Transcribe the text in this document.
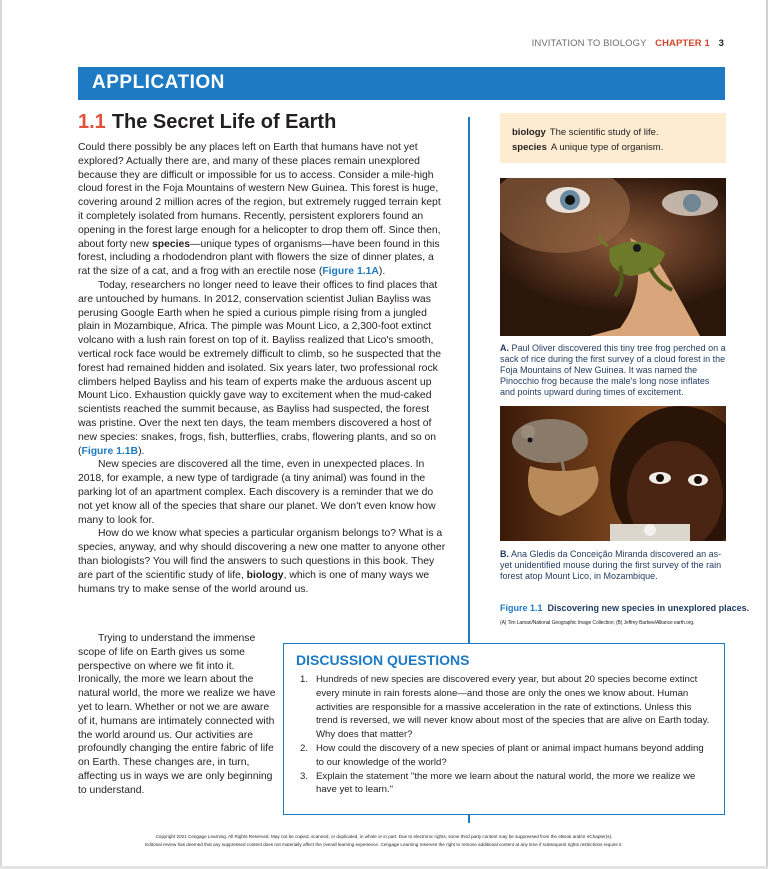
INVITATION TO BIOLOGY CHAPTER 1 3
APPLICATION
1.1 The Secret Life of Earth

Could there possibly be any places left on Earth that humans have not yet explored? Actually there are, and many of these places remain unexplored because they are difficult or impossible for us to access. Consider a mile-high cloud forest in the Foja Mountains of western New Guinea. This forest is huge, covering around 2 million acres of the region, but extremely rugged terrain kept it completely isolated from humans. Recently, persistent explorers found an opening in the forest large enough for a helicopter to drop them off. Since then, about forty new species—unique types of organisms—have been found in this forest, including a rhododendron plant with flowers the size of dinner plates, a rat the size of a cat, and a frog with an erectile nose (Figure 1.1A).

Today, researchers no longer need to leave their offices to find places that are untouched by humans. In 2012, conservation scientist Julian Bayliss was perusing Google Earth when he spied a curious pimple rising from a jungled plain in Mozambique, Africa. The pimple was Mount Lico, a 2,300-foot extinct volcano with a lush rain forest on top of it. Bayliss realized that Lico's smooth, vertical rock face would be extremely difficult to climb, so he suspected that the forest had remained hidden and isolated. Six years later, two professional rock climbers helped Bayliss and his team of experts make the arduous ascent up Mount Lico. Exhaustion quickly gave way to excitement when the mud-caked scientists reached the summit because, as Bayliss had suspected, the forest was pristine. Over the next ten days, the team members discovered a host of new species: snakes, frogs, fish, butterflies, crabs, flowering plants, and so on (Figure 1.1B).

New species are discovered all the time, even in unexpected places. In 2018, for example, a new type of tardigrade (a tiny animal) was found in the parking lot of an apartment complex. Each discovery is a reminder that we do not yet know all of the species that share our planet. We don't even know how many to look for.

How do we know what species a particular organism belongs to? What is a species, anyway, and why should discovering a new one matter to anyone other than biologists? You will find the answers to such questions in this book. They are part of the scientific study of life, biology, which is one of many ways we humans try to make sense of the world around us.

Trying to understand the immense scope of life on Earth gives us some perspective on where we fit into it. Ironically, the more we learn about the natural world, the more we realize we have yet to learn. Whether or not we are aware of it, humans are intimately connected with the world around us. Our activities are profoundly changing the entire fabric of life on Earth. These changes are, in turn, affecting us in ways we are only beginning to understand.

biology The scientific study of life.
species A unique type of organism.
A. Paul Oliver discovered this tiny tree frog perched on a sack of rice during the first survey of a cloud forest in the Foja Mountains of New Guinea. It was named the Pinocchio frog because the male's long nose inflates and points upward during times of excitement.
B. Ana Gledis da Conceição Miranda discovered an as-yet unidentified mouse during the first survey of the rain forest atop Mount Lico, in Mozambique.
Figure 1.1 Discovering new species in unexplored places.
(A) Tim Laman/National Geographic Image Collection; (B) Jeffrey Barbee/Alliance earth.org.
DISCUSSION QUESTIONS
1. Hundreds of new species are discovered every year, but about 20 species become extinct every minute in rain forests alone—and those are only the ones we know about. Human activities are responsible for a massive acceleration in the rate of extinctions. Unless this trend is reversed, we will never know about most of the species that are alive on Earth today. Why does that matter?
2. How could the discovery of a new species of plant or animal impact humans beyond adding to our knowledge of the world?
3. Explain the statement "the more we learn about the natural world, the more we realize we have yet to learn."
Copyright 2021 Cengage Learning. All Rights Reserved. May not be copied, scanned, or duplicated, in whole or in part. Due to electronic rights, some third party content may be suppressed from the eBook and/or eChapter(s).
Editorial review has deemed that any suppressed content does not materially affect the overall learning experience. Cengage Learning reserves the right to remove additional content at any time if subsequent rights restrictions require it.
